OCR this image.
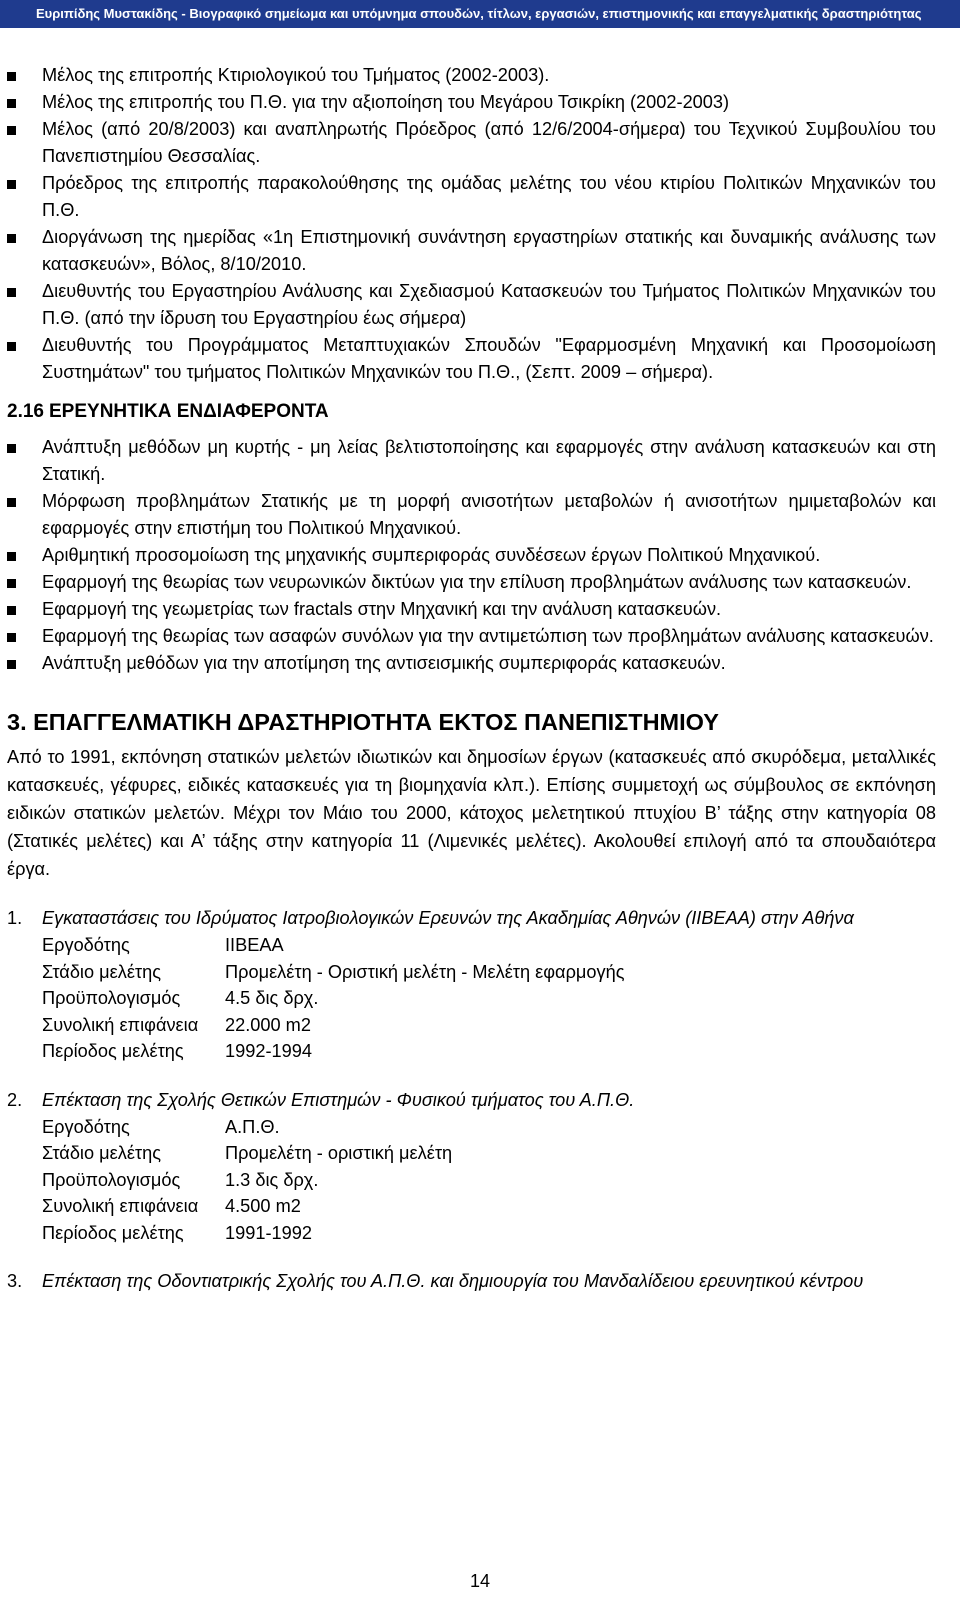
Ευριπίδης Μυστακίδης - Βιογραφικό σημείωμα και υπόμνημα σπουδών, τίτλων, εργασιών, επιστημονικής και επαγγελματικής δραστηριότητας
Μέλος της επιτροπής Κτιριολογικού του Τμήματος (2002-2003).
Μέλος της επιτροπής του Π.Θ. για την αξιοποίηση του Μεγάρου Τσικρίκη (2002-2003)
Μέλος (από 20/8/2003) και αναπληρωτής Πρόεδρος (από 12/6/2004-σήμερα) του Τεχνικού Συμβουλίου του Πανεπιστημίου Θεσσαλίας.
Πρόεδρος της επιτροπής παρακολούθησης της ομάδας μελέτης του νέου κτιρίου Πολιτικών Μηχανικών του Π.Θ.
Διοργάνωση της ημερίδας «1η Επιστημονική συνάντηση εργαστηρίων στατικής και δυναμικής ανάλυσης των κατασκευών», Βόλος, 8/10/2010.
Διευθυντής του Εργαστηρίου Ανάλυσης και Σχεδιασμού Κατασκευών του Τμήματος Πολιτικών Μηχανικών του Π.Θ. (από την ίδρυση του Εργαστηρίου έως σήμερα)
Διευθυντής του Προγράμματος Μεταπτυχιακών Σπουδών "Εφαρμοσμένη Μηχανική και Προσομοίωση Συστημάτων" του τμήματος Πολιτικών Μηχανικών του Π.Θ., (Σεπτ. 2009 – σήμερα).
2.16 ΕΡΕΥΝΗΤΙΚΑ ΕΝΔΙΑΦΕΡΟΝΤΑ
Ανάπτυξη μεθόδων μη κυρτής - μη λείας βελτιστοποίησης και εφαρμογές στην ανάλυση κατασκευών και στη Στατική.
Μόρφωση προβλημάτων Στατικής με τη μορφή ανισοτήτων μεταβολών ή ανισοτήτων ημιμεταβολών και εφαρμογές στην επιστήμη του Πολιτικού Μηχανικού.
Αριθμητική προσομοίωση της μηχανικής συμπεριφοράς συνδέσεων έργων Πολιτικού Μηχανικού.
Εφαρμογή της θεωρίας των νευρωνικών δικτύων για την επίλυση προβλημάτων ανάλυσης των κατασκευών.
Εφαρμογή της γεωμετρίας των fractals στην Μηχανική και την ανάλυση κατασκευών.
Εφαρμογή της θεωρίας των ασαφών συνόλων για την αντιμετώπιση των προβλημάτων ανάλυσης κατασκευών.
Ανάπτυξη μεθόδων για την αποτίμηση της αντισεισμικής συμπεριφοράς κατασκευών.
3. ΕΠΑΓΓΕΛΜΑΤΙΚΗ ΔΡΑΣΤΗΡΙΟΤΗΤΑ ΕΚΤΟΣ ΠΑΝΕΠΙΣΤΗΜΙΟΥ
Από το 1991, εκπόνηση στατικών μελετών ιδιωτικών και δημοσίων έργων (κατασκευές από σκυρόδεμα, μεταλλικές κατασκευές, γέφυρες, ειδικές κατασκευές για τη βιομηχανία κλπ.). Επίσης συμμετοχή ως σύμβουλος σε εκπόνηση ειδικών στατικών μελετών. Μέχρι τον Μάιο του 2000, κάτοχος μελετητικού πτυχίου Β’ τάξης στην κατηγορία 08 (Στατικές μελέτες) και Α’ τάξης στην κατηγορία 11 (Λιμενικές μελέτες). Ακολουθεί επιλογή από τα σπουδαιότερα έργα.
1. Εγκαταστάσεις του Ιδρύματος Ιατροβιολογικών Ερευνών της Ακαδημίας Αθηνών (ΙΙΒΕΑΑ) στην Αθήνα
Εργοδότης	ΙΙΒΕΑΑ
Στάδιο μελέτης	Προμελέτη - Οριστική μελέτη - Μελέτη εφαρμογής
Προϋπολογισμός	4.5 δις δρχ.
Συνολική επιφάνεια	22.000 m2
Περίοδος μελέτης	1992-1994
2. Επέκταση της Σχολής Θετικών Επιστημών - Φυσικού τμήματος του Α.Π.Θ.
Εργοδότης	Α.Π.Θ.
Στάδιο μελέτης	Προμελέτη - οριστική μελέτη
Προϋπολογισμός	1.3 δις δρχ.
Συνολική επιφάνεια	4.500 m2
Περίοδος μελέτης	1991-1992
3. Επέκταση της Οδοντιατρικής Σχολής του Α.Π.Θ. και δημιουργία του Μανδαλίδειου ερευνητικού κέντρου
14
